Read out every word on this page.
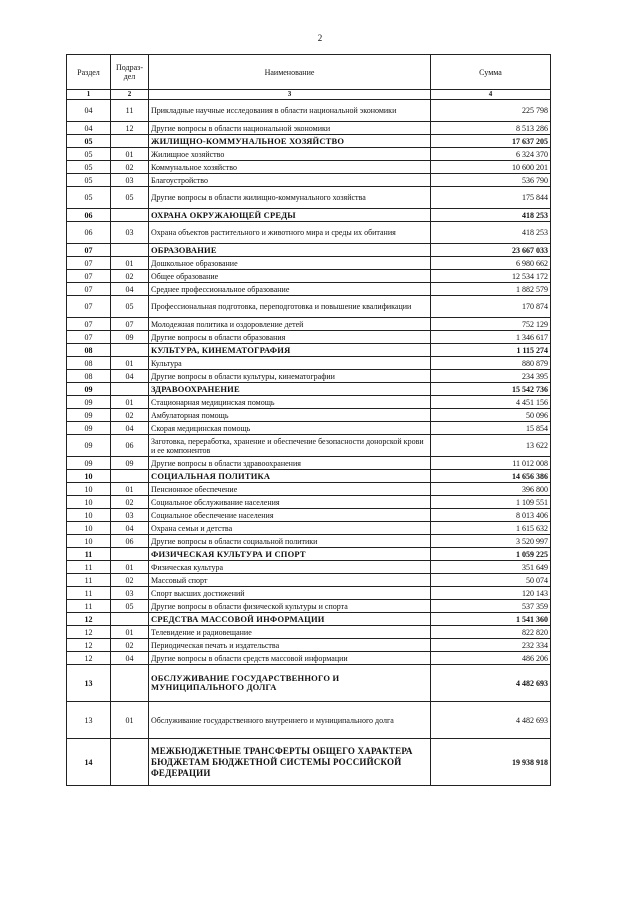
2
Раздел	Подраз-дел	Наименование	Сумма
1	2	3	4
04	11	Прикладные научные исследования в области национальной экономики	225 798
04	12	Другие вопросы в области национальной экономики	8 513 286
05		ЖИЛИЩНО-КОММУНАЛЬНОЕ ХОЗЯЙСТВО	17 637 205
05	01	Жилищное хозяйство	6 324 370
05	02	Коммунальное хозяйство	10 600 201
05	03	Благоустройство	536 790
05	05	Другие вопросы в области жилищно-коммунального хозяйства	175 844
06		ОХРАНА ОКРУЖАЮЩЕЙ СРЕДЫ	418 253
06	03	Охрана объектов растительного и животного мира и среды их обитания	418 253
07		ОБРАЗОВАНИЕ	23 667 033
07	01	Дошкольное образование	6 980 662
07	02	Общее образование	12 534 172
07	04	Среднее профессиональное образование	1 882 579
07	05	Профессиональная подготовка, переподготовка и повышение квалификации	170 874
07	07	Молодежная политика и оздоровление детей	752 129
07	09	Другие вопросы в области образования	1 346 617
08		КУЛЬТУРА, КИНЕМАТОГРАФИЯ	1 115 274
08	01	Культура	880 879
08	04	Другие вопросы в области культуры, кинематографии	234 395
09		ЗДРАВООХРАНЕНИЕ	15 542 736
09	01	Стационарная медицинская помощь	4 451 156
09	02	Амбулаторная помощь	50 096
09	04	Скорая медицинская помощь	15 854
09	06	Заготовка, переработка, хранение и обеспечение безопасности донорской крови и ее компонентов	13 622
09	09	Другие вопросы в области здравоохранения	11 012 008
10		СОЦИАЛЬНАЯ ПОЛИТИКА	14 656 386
10	01	Пенсионное обеспечение	396 800
10	02	Социальное обслуживание населения	1 109 551
10	03	Социальное обеспечение населения	8 013 406
10	04	Охрана семьи и детства	1 615 632
10	06	Другие вопросы в области социальной политики	3 520 997
11		ФИЗИЧЕСКАЯ КУЛЬТУРА И СПОРТ	1 059 225
11	01	Физическая культура	351 649
11	02	Массовый спорт	50 074
11	03	Спорт высших достижений	120 143
11	05	Другие вопросы в области физической культуры и спорта	537 359
12		СРЕДСТВА МАССОВОЙ ИНФОРМАЦИИ	1 541 360
12	01	Телевидение и радиовещание	822 820
12	02	Периодическая печать и издательства	232 334
12	04	Другие вопросы в области средств массовой информации	486 206
13		ОБСЛУЖИВАНИЕ ГОСУДАРСТВЕННОГО И МУНИЦИПАЛЬНОГО ДОЛГА	4 482 693
13	01	Обслуживание государственного внутреннего и муниципального долга	4 482 693
14		МЕЖБЮДЖЕТНЫЕ ТРАНСФЕРТЫ ОБЩЕГО ХАРАКТЕРА БЮДЖЕТАМ БЮДЖЕТНОЙ СИСТЕМЫ РОССИЙСКОЙ ФЕДЕРАЦИИ	19 938 918
